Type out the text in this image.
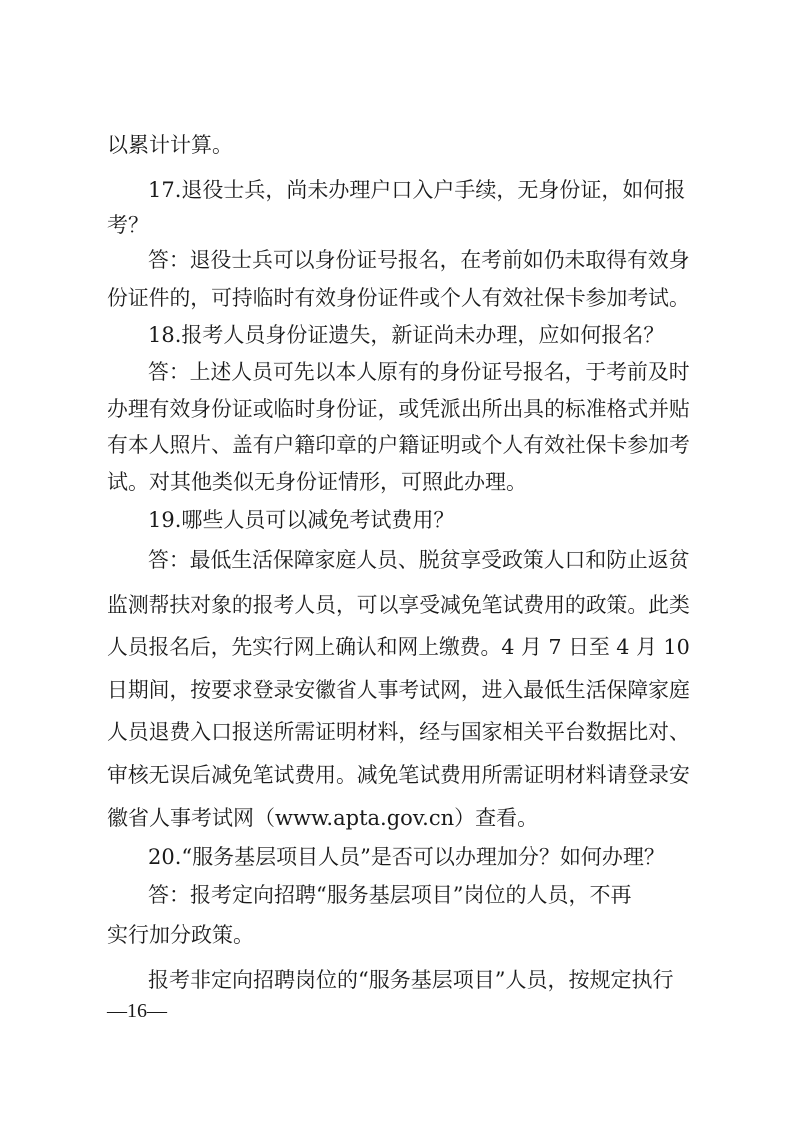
以累计计算。
17.退役士兵，尚未办理户口入户手续，无身份证，如何报
考？
答：退役士兵可以身份证号报名，在考前如仍未取得有效身
份证件的，可持临时有效身份证件或个人有效社保卡参加考试。
18.报考人员身份证遗失，新证尚未办理，应如何报名？
答：上述人员可先以本人原有的身份证号报名，于考前及时
办理有效身份证或临时身份证，或凭派出所出具的标准格式并贴
有本人照片、盖有户籍印章的户籍证明或个人有效社保卡参加考
试。对其他类似无身份证情形，可照此办理。
19.哪些人员可以减免考试费用？
答：最低生活保障家庭人员、脱贫享受政策人口和防止返贫
监测帮扶对象的报考人员，可以享受减免笔试费用的政策。此类
人员报名后，先实行网上确认和网上缴费。4 月 7 日至 4 月 10
日期间，按要求登录安徽省人事考试网，进入最低生活保障家庭
人员退费入口报送所需证明材料，经与国家相关平台数据比对、
审核无误后减免笔试费用。减免笔试费用所需证明材料请登录安
徽省人事考试网（www.apta.gov.cn）查看。
20.“服务基层项目人员”是否可以办理加分？如何办理？
答：报考定向招聘“服务基层项目”岗位的人员，不再
实行加分政策。
报考非定向招聘岗位的“服务基层项目”人员，按规定执行
—16—
